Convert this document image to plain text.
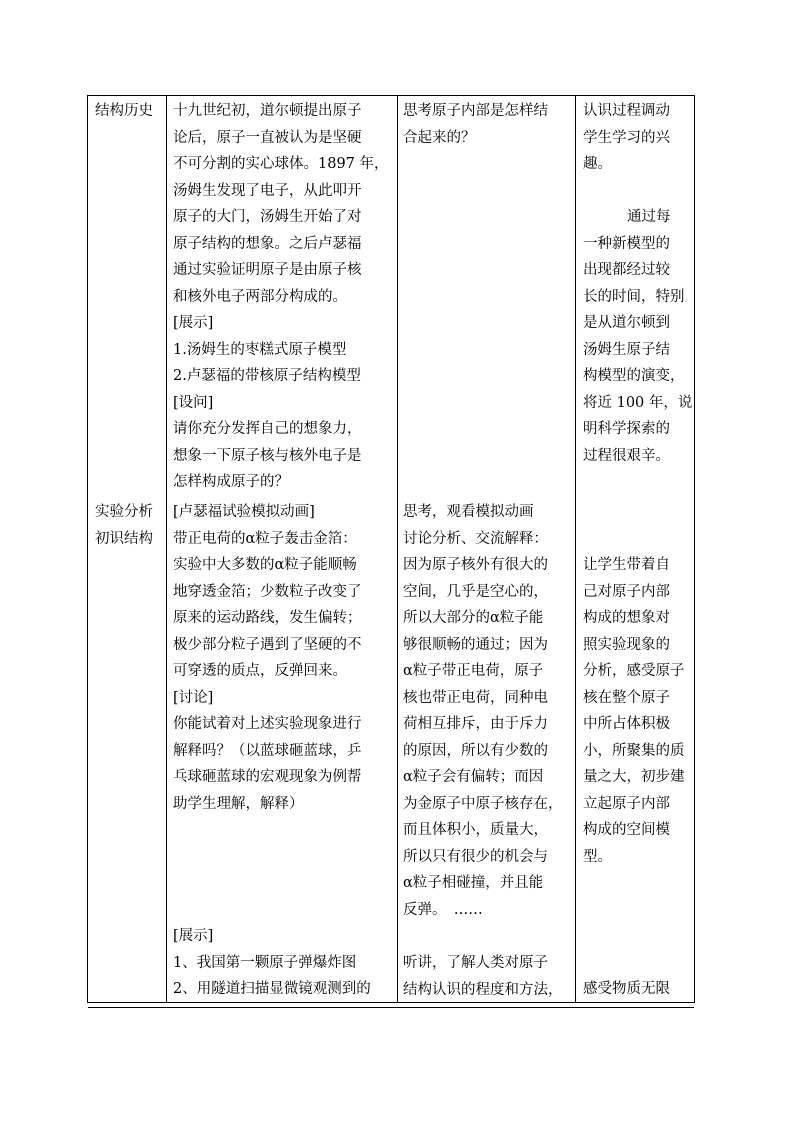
结构历史 十九世纪初，道尔顿提出原子
论后，原子一直被认为是坚硬
不可分割的实心球体。1897 年，
汤姆生发现了电子，从此叩开
原子的大门，汤姆生开始了对
原子结构的想象。之后卢瑟福
通过实验证明原子是由原子核
和核外电子两部分构成的。
[展示]
1.汤姆生的枣糕式原子模型
2.卢瑟福的带核原子结构模型
[设问]
请你充分发挥自己的想象力，
想象一下原子核与核外电子是
怎样构成原子的？
思考原子内部是怎样结
合起来的？
认识过程调动
学生学习的兴
趣。
通过每
一种新模型的
出现都经过较
长的时间，特别
是从道尔顿到
汤姆生原子结
构模型的演变，
将近 100 年，说
明科学探索的
过程很艰辛。
实验分析
初识结构
[卢瑟福试验模拟动画]
带正电荷的α粒子轰击金箔：
实验中大多数的α粒子能顺畅
地穿透金箔；少数粒子改变了
原来的运动路线，发生偏转；
极少部分粒子遇到了坚硬的不
可穿透的质点，反弹回来。
[讨论]
你能试着对上述实验现象进行
解释吗？（以蓝球砸蓝球，乒
乓球砸蓝球的宏观现象为例帮
助学生理解，解释）
[展示]
1、我国第一颗原子弹爆炸图
2、用隧道扫描显微镜观测到的
思考，观看模拟动画
讨论分析、交流解释：
因为原子核外有很大的
空间，几乎是空心的，
所以大部分的α粒子能
够很顺畅的通过；因为
α粒子带正电荷，原子
核也带正电荷，同种电
荷相互排斥，由于斥力
的原因，所以有少数的
α粒子会有偏转；而因
为金原子中原子核存在，
而且体积小，质量大，
所以只有很少的机会与
α粒子相碰撞，并且能
反弹。　……
听讲，了解人类对原子
结构认识的程度和方法，
让学生带着自
己对原子内部
构成的想象对
照实验现象的
分析，感受原子
核在整个原子
中所占体积极
小，所聚集的质
量之大，初步建
立起原子内部
构成的空间模
型。
感受物质无限
